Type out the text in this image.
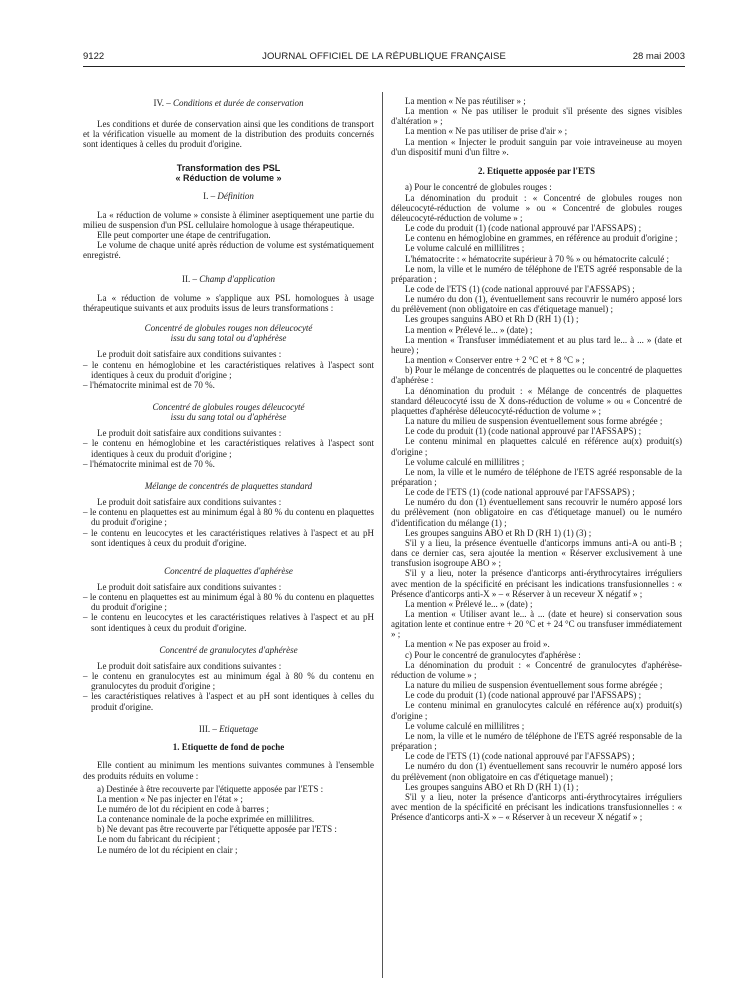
9122	JOURNAL OFFICIEL DE LA RÉPUBLIQUE FRANÇAISE	28 mai 2003

IV. – Conditions et durée de conservation

Les conditions et durée de conservation ainsi que les conditions de transport et la vérification visuelle au moment de la distribution des produits concernés sont identiques à celles du produit d'origine.

Transformation des PSL

« Réduction de volume »

I. – Définition

La « réduction de volume » consiste à éliminer aseptiquement une partie du milieu de suspension d'un PSL cellulaire homologue à usage thérapeutique.

Elle peut comporter une étape de centrifugation.

Le volume de chaque unité après réduction de volume est systématiquement enregistré.

II. – Champ d'application

La « réduction de volume » s'applique aux PSL homologues à usage thérapeutique suivants et aux produits issus de leurs transformations :

Concentré de globules rouges non déleucocyté

issu du sang total ou d'aphérèse

Le produit doit satisfaire aux conditions suivantes :

– le contenu en hémoglobine et les caractéristiques relatives à l'aspect sont identiques à ceux du produit d'origine ;

– l'hématocrite minimal est de 70 %.

Concentré de globules rouges déleucocyté

issu du sang total ou d'aphérèse

Le produit doit satisfaire aux conditions suivantes :

– le contenu en hémoglobine et les caractéristiques relatives à l'aspect sont identiques à ceux du produit d'origine ;

– l'hématocrite minimal est de 70 %.

Mélange de concentrés de plaquettes standard

Le produit doit satisfaire aux conditions suivantes :

– le contenu en plaquettes est au minimum égal à 80 % du contenu en plaquettes du produit d'origine ;

– le contenu en leucocytes et les caractéristiques relatives à l'aspect et au pH sont identiques à ceux du produit d'origine.

Concentré de plaquettes d'aphérèse

Le produit doit satisfaire aux conditions suivantes :

– le contenu en plaquettes est au minimum égal à 80 % du contenu en plaquettes du produit d'origine ;

– le contenu en leucocytes et les caractéristiques relatives à l'aspect et au pH sont identiques à ceux du produit d'origine.

Concentré de granulocytes d'aphérèse

Le produit doit satisfaire aux conditions suivantes :

– le contenu en granulocytes est au minimum égal à 80 % du contenu en granulocytes du produit d'origine ;

– les caractéristiques relatives à l'aspect et au pH sont identiques à celles du produit d'origine.

III. – Etiquetage

1. Etiquette de fond de poche

Elle contient au minimum les mentions suivantes communes à l'ensemble des produits réduits en volume :

a) Destinée à être recouverte par l'étiquette apposée par l'ETS :

La mention « Ne pas injecter en l'état » ;

Le numéro de lot du récipient en code à barres ;

La contenance nominale de la poche exprimée en millilitres.

b) Ne devant pas être recouverte par l'étiquette apposée par l'ETS :

Le nom du fabricant du récipient ;

Le numéro de lot du récipient en clair ;

La mention « Ne pas réutiliser » ;

La mention « Ne pas utiliser le produit s'il présente des signes visibles d'altération » ;

La mention « Ne pas utiliser de prise d'air » ;

La mention « Injecter le produit sanguin par voie intraveineuse au moyen d'un dispositif muni d'un filtre ».

2. Etiquette apposée par l'ETS

a) Pour le concentré de globules rouges :

La dénomination du produit : « Concentré de globules rouges non déleucocyté-réduction de volume » ou « Concentré de globules rouges déleucocyté-réduction de volume » ;

Le code du produit (1) (code national approuvé par l'AFSSAPS) ;

Le contenu en hémoglobine en grammes, en référence au produit d'origine ;

Le volume calculé en millilitres ;

L'hématocrite : « hématocrite supérieur à 70 % » ou hématocrite calculé ;

Le nom, la ville et le numéro de téléphone de l'ETS agréé responsable de la préparation ;

Le code de l'ETS (1) (code national approuvé par l'AFSSAPS) ;

Le numéro du don (1), éventuellement sans recouvrir le numéro apposé lors du prélèvement (non obligatoire en cas d'étiquetage manuel) ;

Les groupes sanguins ABO et Rh D (RH 1) (1) ;

La mention « Prélevé le... » (date) ;

La mention « Transfuser immédiatement et au plus tard le... à ... » (date et heure) ;

La mention « Conserver entre + 2 °C et + 8 °C » ;

b) Pour le mélange de concentrés de plaquettes ou le concentré de plaquettes d'aphérèse :

La dénomination du produit : « Mélange de concentrés de plaquettes standard déleucocyté issu de X dons-réduction de volume » ou « Concentré de plaquettes d'aphérèse déleucocyté-réduction de volume » ;

La nature du milieu de suspension éventuellement sous forme abrégée ;

Le code du produit (1) (code national approuvé par l'AFSSAPS) ;

Le contenu minimal en plaquettes calculé en référence au(x) produit(s) d'origine ;

Le volume calculé en millilitres ;

Le nom, la ville et le numéro de téléphone de l'ETS agréé responsable de la préparation ;

Le code de l'ETS (1) (code national approuvé par l'AFSSAPS) ;

Le numéro du don (1) éventuellement sans recouvrir le numéro apposé lors du prélèvement (non obligatoire en cas d'étiquetage manuel) ou le numéro d'identification du mélange (1) ;

Les groupes sanguins ABO et Rh D (RH 1) (1) (3) ;

S'il y a lieu, la présence éventuelle d'anticorps immuns anti-A ou anti-B ; dans ce dernier cas, sera ajoutée la mention « Réserver exclusivement à une transfusion isogroupe ABO » ;

S'il y a lieu, noter la présence d'anticorps anti-érythrocytaires irréguliers avec mention de la spécificité en précisant les indications transfusionnelles : « Présence d'anticorps anti-X » – « Réserver à un receveur X négatif » ;

La mention « Prélevé le... » (date) ;

La mention « Utiliser avant le... à ... (date et heure) si conservation sous agitation lente et continue entre + 20 °C et + 24 °C ou transfuser immédiatement » ;

La mention « Ne pas exposer au froid ».

c) Pour le concentré de granulocytes d'aphérèse :

La dénomination du produit : « Concentré de granulocytes d'aphérèse-réduction de volume » ;

La nature du milieu de suspension éventuellement sous forme abrégée ;

Le code du produit (1) (code national approuvé par l'AFSSAPS) ;

Le contenu minimal en granulocytes calculé en référence au(x) produit(s) d'origine ;

Le volume calculé en millilitres ;

Le nom, la ville et le numéro de téléphone de l'ETS agréé responsable de la préparation ;

Le code de l'ETS (1) (code national approuvé par l'AFSSAPS) ;

Le numéro du don (1) éventuellement sans recouvrir le numéro apposé lors du prélèvement (non obligatoire en cas d'étiquetage manuel) ;

Les groupes sanguins ABO et Rh D (RH 1) (1) ;

S'il y a lieu, noter la présence d'anticorps anti-érythrocytaires irréguliers avec mention de la spécificité en précisant les indications transfusionnelles : « Présence d'anticorps anti-X » – « Réserver à un receveur X négatif » ;
